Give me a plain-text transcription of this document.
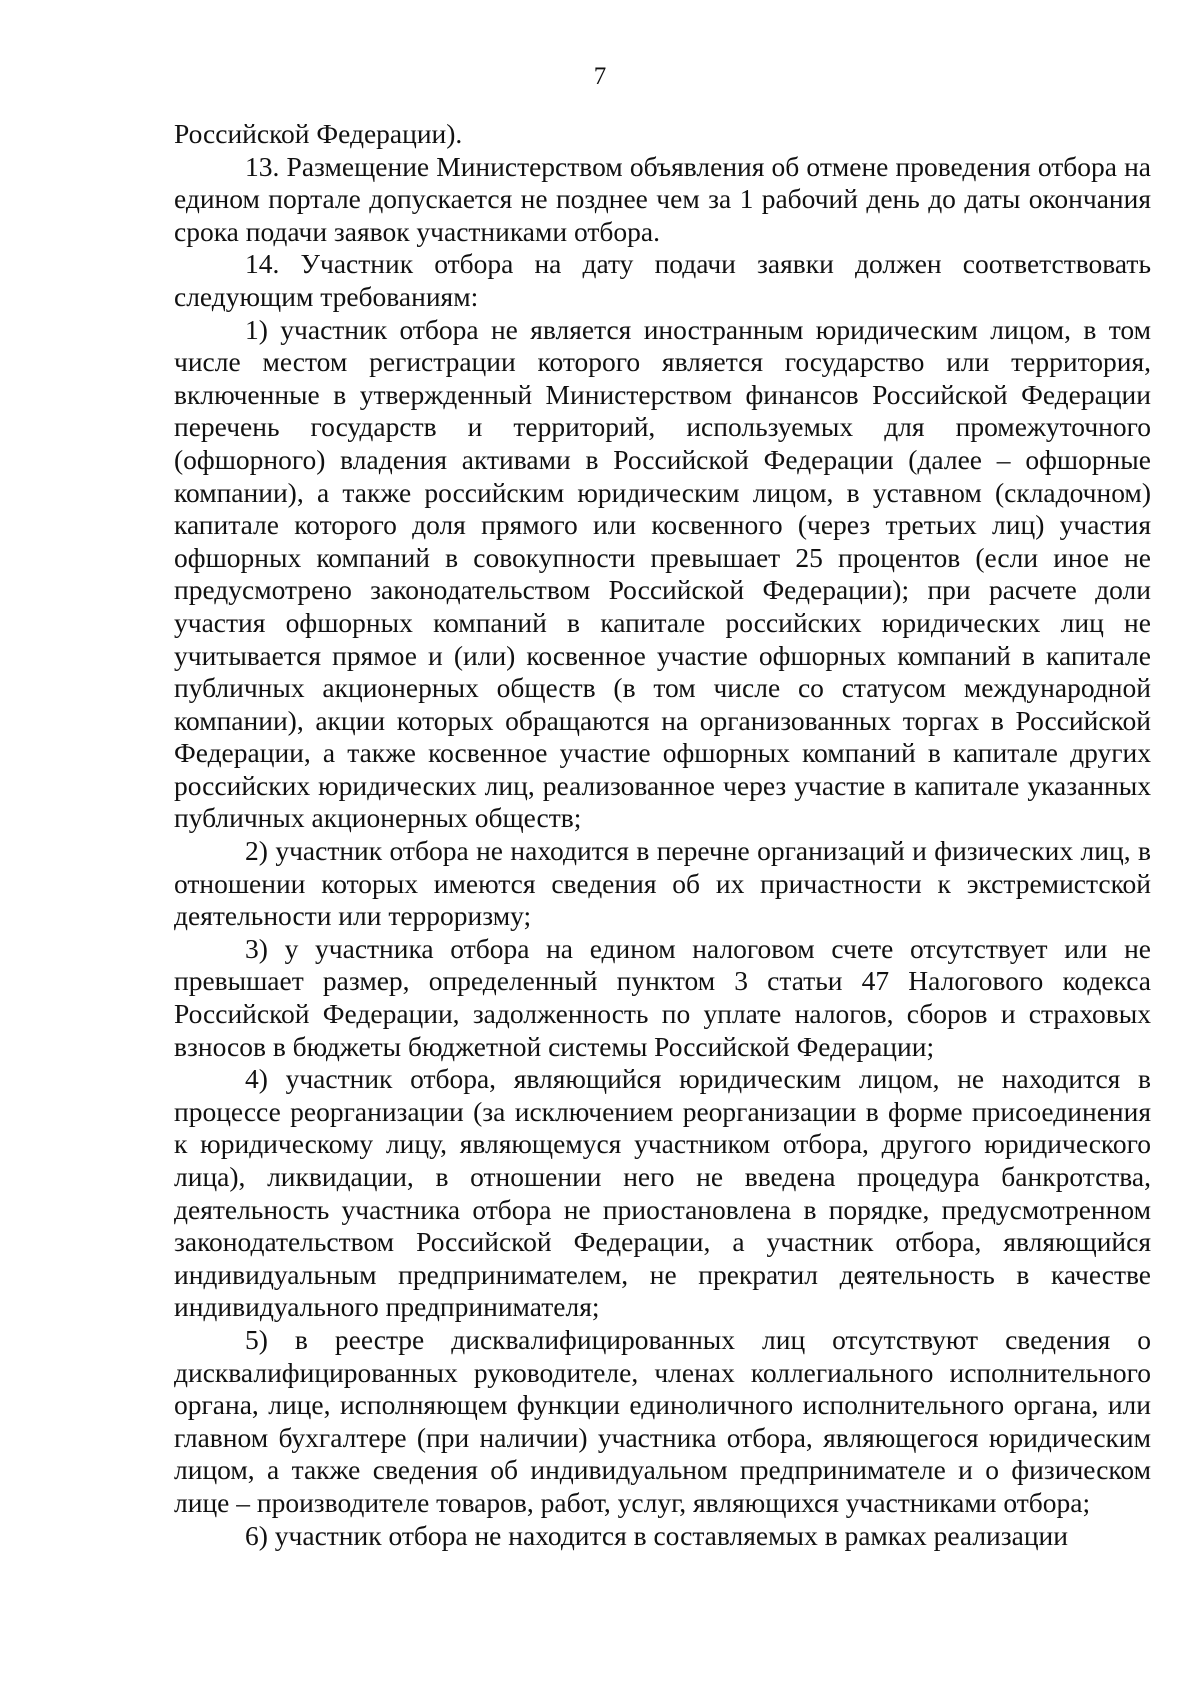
7

Российской Федерации).

13. Размещение Министерством объявления об отмене проведения отбора на едином портале допускается не позднее чем за 1 рабочий день до даты окончания срока подачи заявок участниками отбора.

14. Участник отбора на дату подачи заявки должен соответствовать следующим требованиям:

1) участник отбора не является иностранным юридическим лицом, в том числе местом регистрации которого является государство или территория, включенные в утвержденный Министерством финансов Российской Федерации перечень государств и территорий, используемых для промежуточного (офшорного) владения активами в Российской Федерации (далее – офшорные компании), а также российским юридическим лицом, в уставном (складочном) капитале которого доля прямого или косвенного (через третьих лиц) участия офшорных компаний в совокупности превышает 25 процентов (если иное не предусмотрено законодательством Российской Федерации); при расчете доли участия офшорных компаний в капитале российских юридических лиц не учитывается прямое и (или) косвенное участие офшорных компаний в капитале публичных акционерных обществ (в том числе со статусом международной компании), акции которых обращаются на организованных торгах в Российской Федерации, а также косвенное участие офшорных компаний в капитале других российских юридических лиц, реализованное через участие в капитале указанных публичных акционерных обществ;

2) участник отбора не находится в перечне организаций и физических лиц, в отношении которых имеются сведения об их причастности к экстремистской деятельности или терроризму;

3) у участника отбора на едином налоговом счете отсутствует или не превышает размер, определенный пунктом 3 статьи 47 Налогового кодекса Российской Федерации, задолженность по уплате налогов, сборов и страховых взносов в бюджеты бюджетной системы Российской Федерации;

4) участник отбора, являющийся юридическим лицом, не находится в процессе реорганизации (за исключением реорганизации в форме присоединения к юридическому лицу, являющемуся участником отбора, другого юридического лица), ликвидации, в отношении него не введена процедура банкротства, деятельность участника отбора не приостановлена в порядке, предусмотренном законодательством Российской Федерации, а участник отбора, являющийся индивидуальным предпринимателем, не прекратил деятельность в качестве индивидуального предпринимателя;

5) в реестре дисквалифицированных лиц отсутствуют сведения о дисквалифицированных руководителе, членах коллегиального исполнительного органа, лице, исполняющем функции единоличного исполнительного органа, или главном бухгалтере (при наличии) участника отбора, являющегося юридическим лицом, а также сведения об индивидуальном предпринимателе и о физическом лице – производителе товаров, работ, услуг, являющихся участниками отбора;

6) участник отбора не находится в составляемых в рамках реализации
